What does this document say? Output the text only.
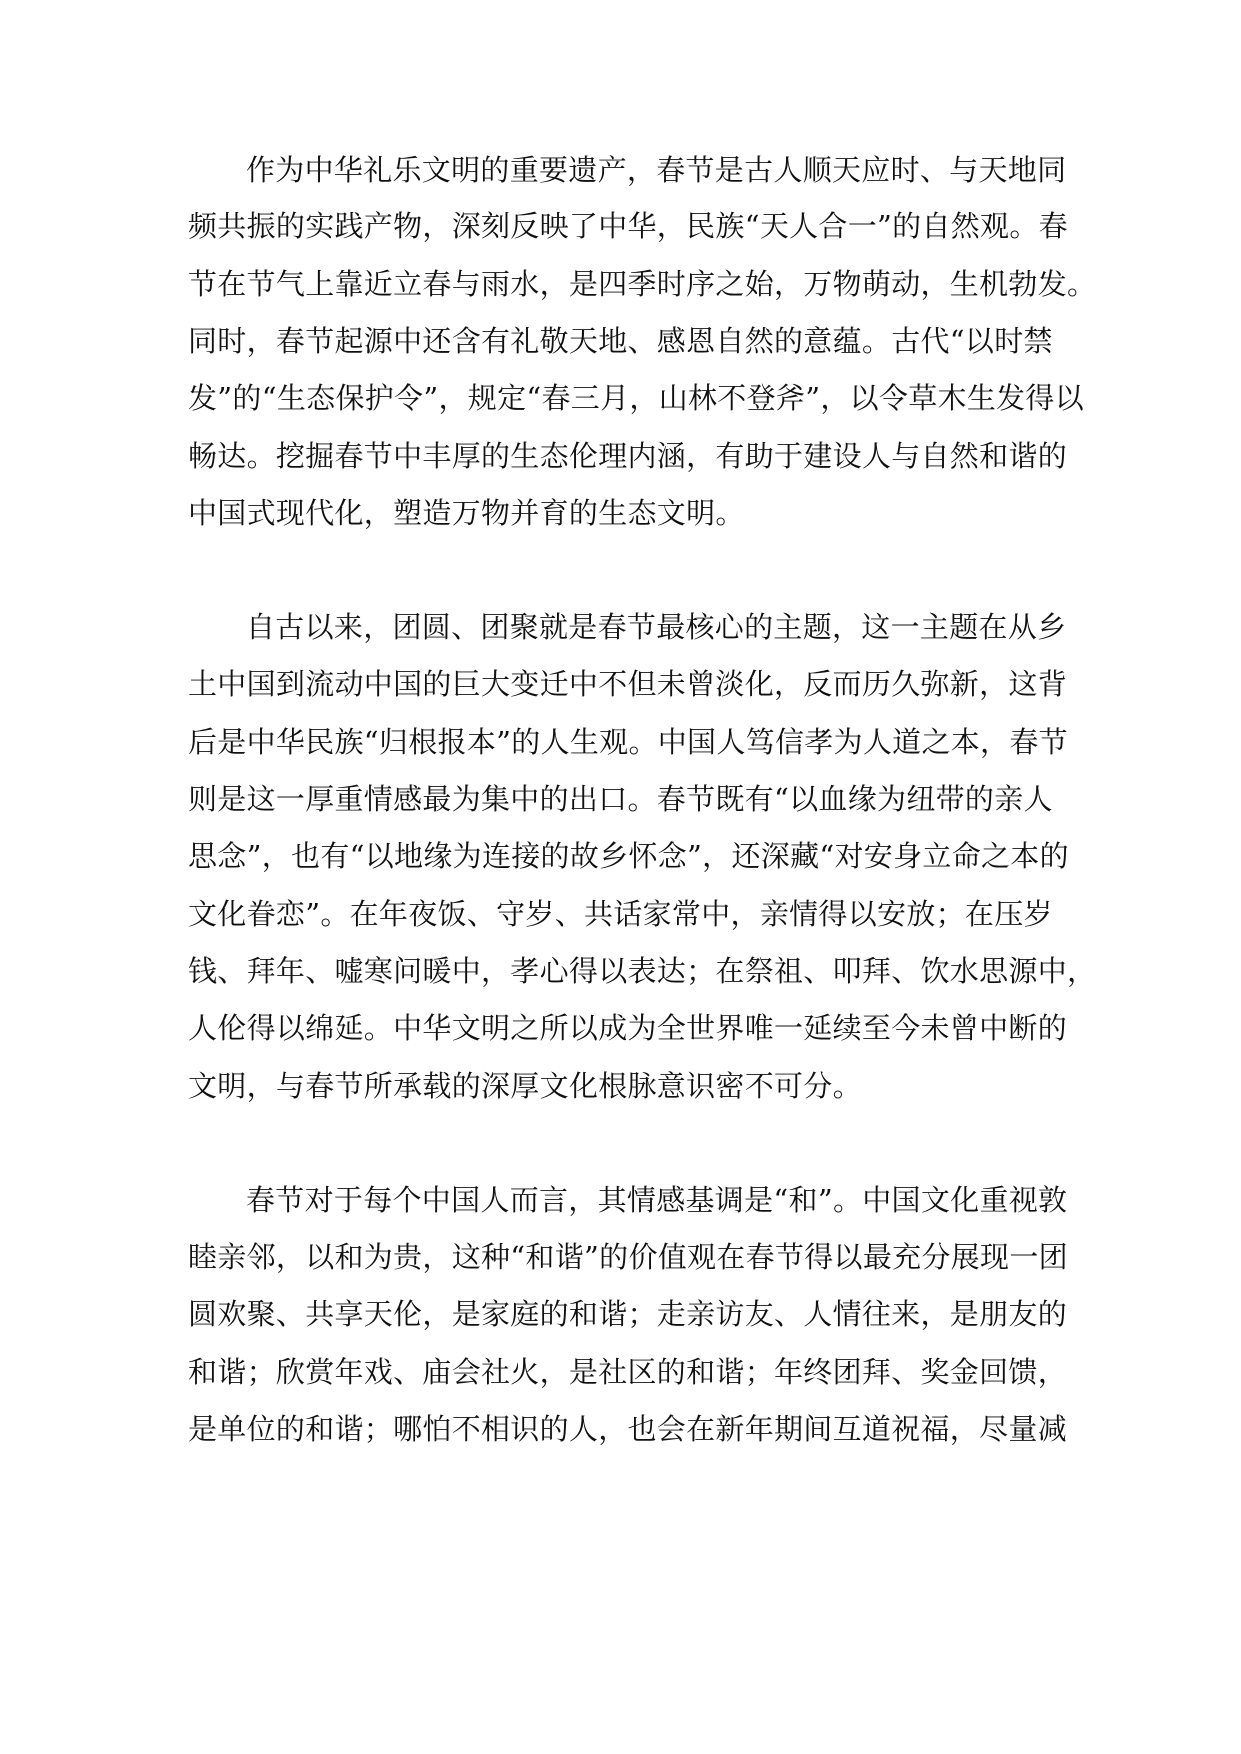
作为中华礼乐文明的重要遗产，春节是古人顺天应时、与天地同
频共振的实践产物，深刻反映了中华，民族“天人合一”的自然观。春
节在节气上靠近立春与雨水，是四季时序之始，万物萌动，生机勃发。
同时，春节起源中还含有礼敬天地、感恩自然的意蕴。古代“以时禁
发”的“生态保护令”，规定“春三月，山林不登斧”，以令草木生发得以
畅达。挖掘春节中丰厚的生态伦理内涵，有助于建设人与自然和谐的
中国式现代化，塑造万物并育的生态文明。
自古以来，团圆、团聚就是春节最核心的主题，这一主题在从乡
土中国到流动中国的巨大变迁中不但未曾淡化，反而历久弥新，这背
后是中华民族“归根报本”的人生观。中国人笃信孝为人道之本，春节
则是这一厚重情感最为集中的出口。春节既有“以血缘为纽带的亲人
思念”，也有“以地缘为连接的故乡怀念”，还深藏“对安身立命之本的
文化眷恋”。在年夜饭、守岁、共话家常中，亲情得以安放；在压岁
钱、拜年、嘘寒问暖中，孝心得以表达；在祭祖、叩拜、饮水思源中，
人伦得以绵延。中华文明之所以成为全世界唯一延续至今未曾中断的
文明，与春节所承载的深厚文化根脉意识密不可分。
春节对于每个中国人而言，其情感基调是“和”。中国文化重视敦
睦亲邻，以和为贵，这种“和谐”的价值观在春节得以最充分展现一团
圆欢聚、共享天伦，是家庭的和谐；走亲访友、人情往来，是朋友的
和谐；欣赏年戏、庙会社火，是社区的和谐；年终团拜、奖金回馈，
是单位的和谐；哪怕不相识的人，也会在新年期间互道祝福，尽量减
